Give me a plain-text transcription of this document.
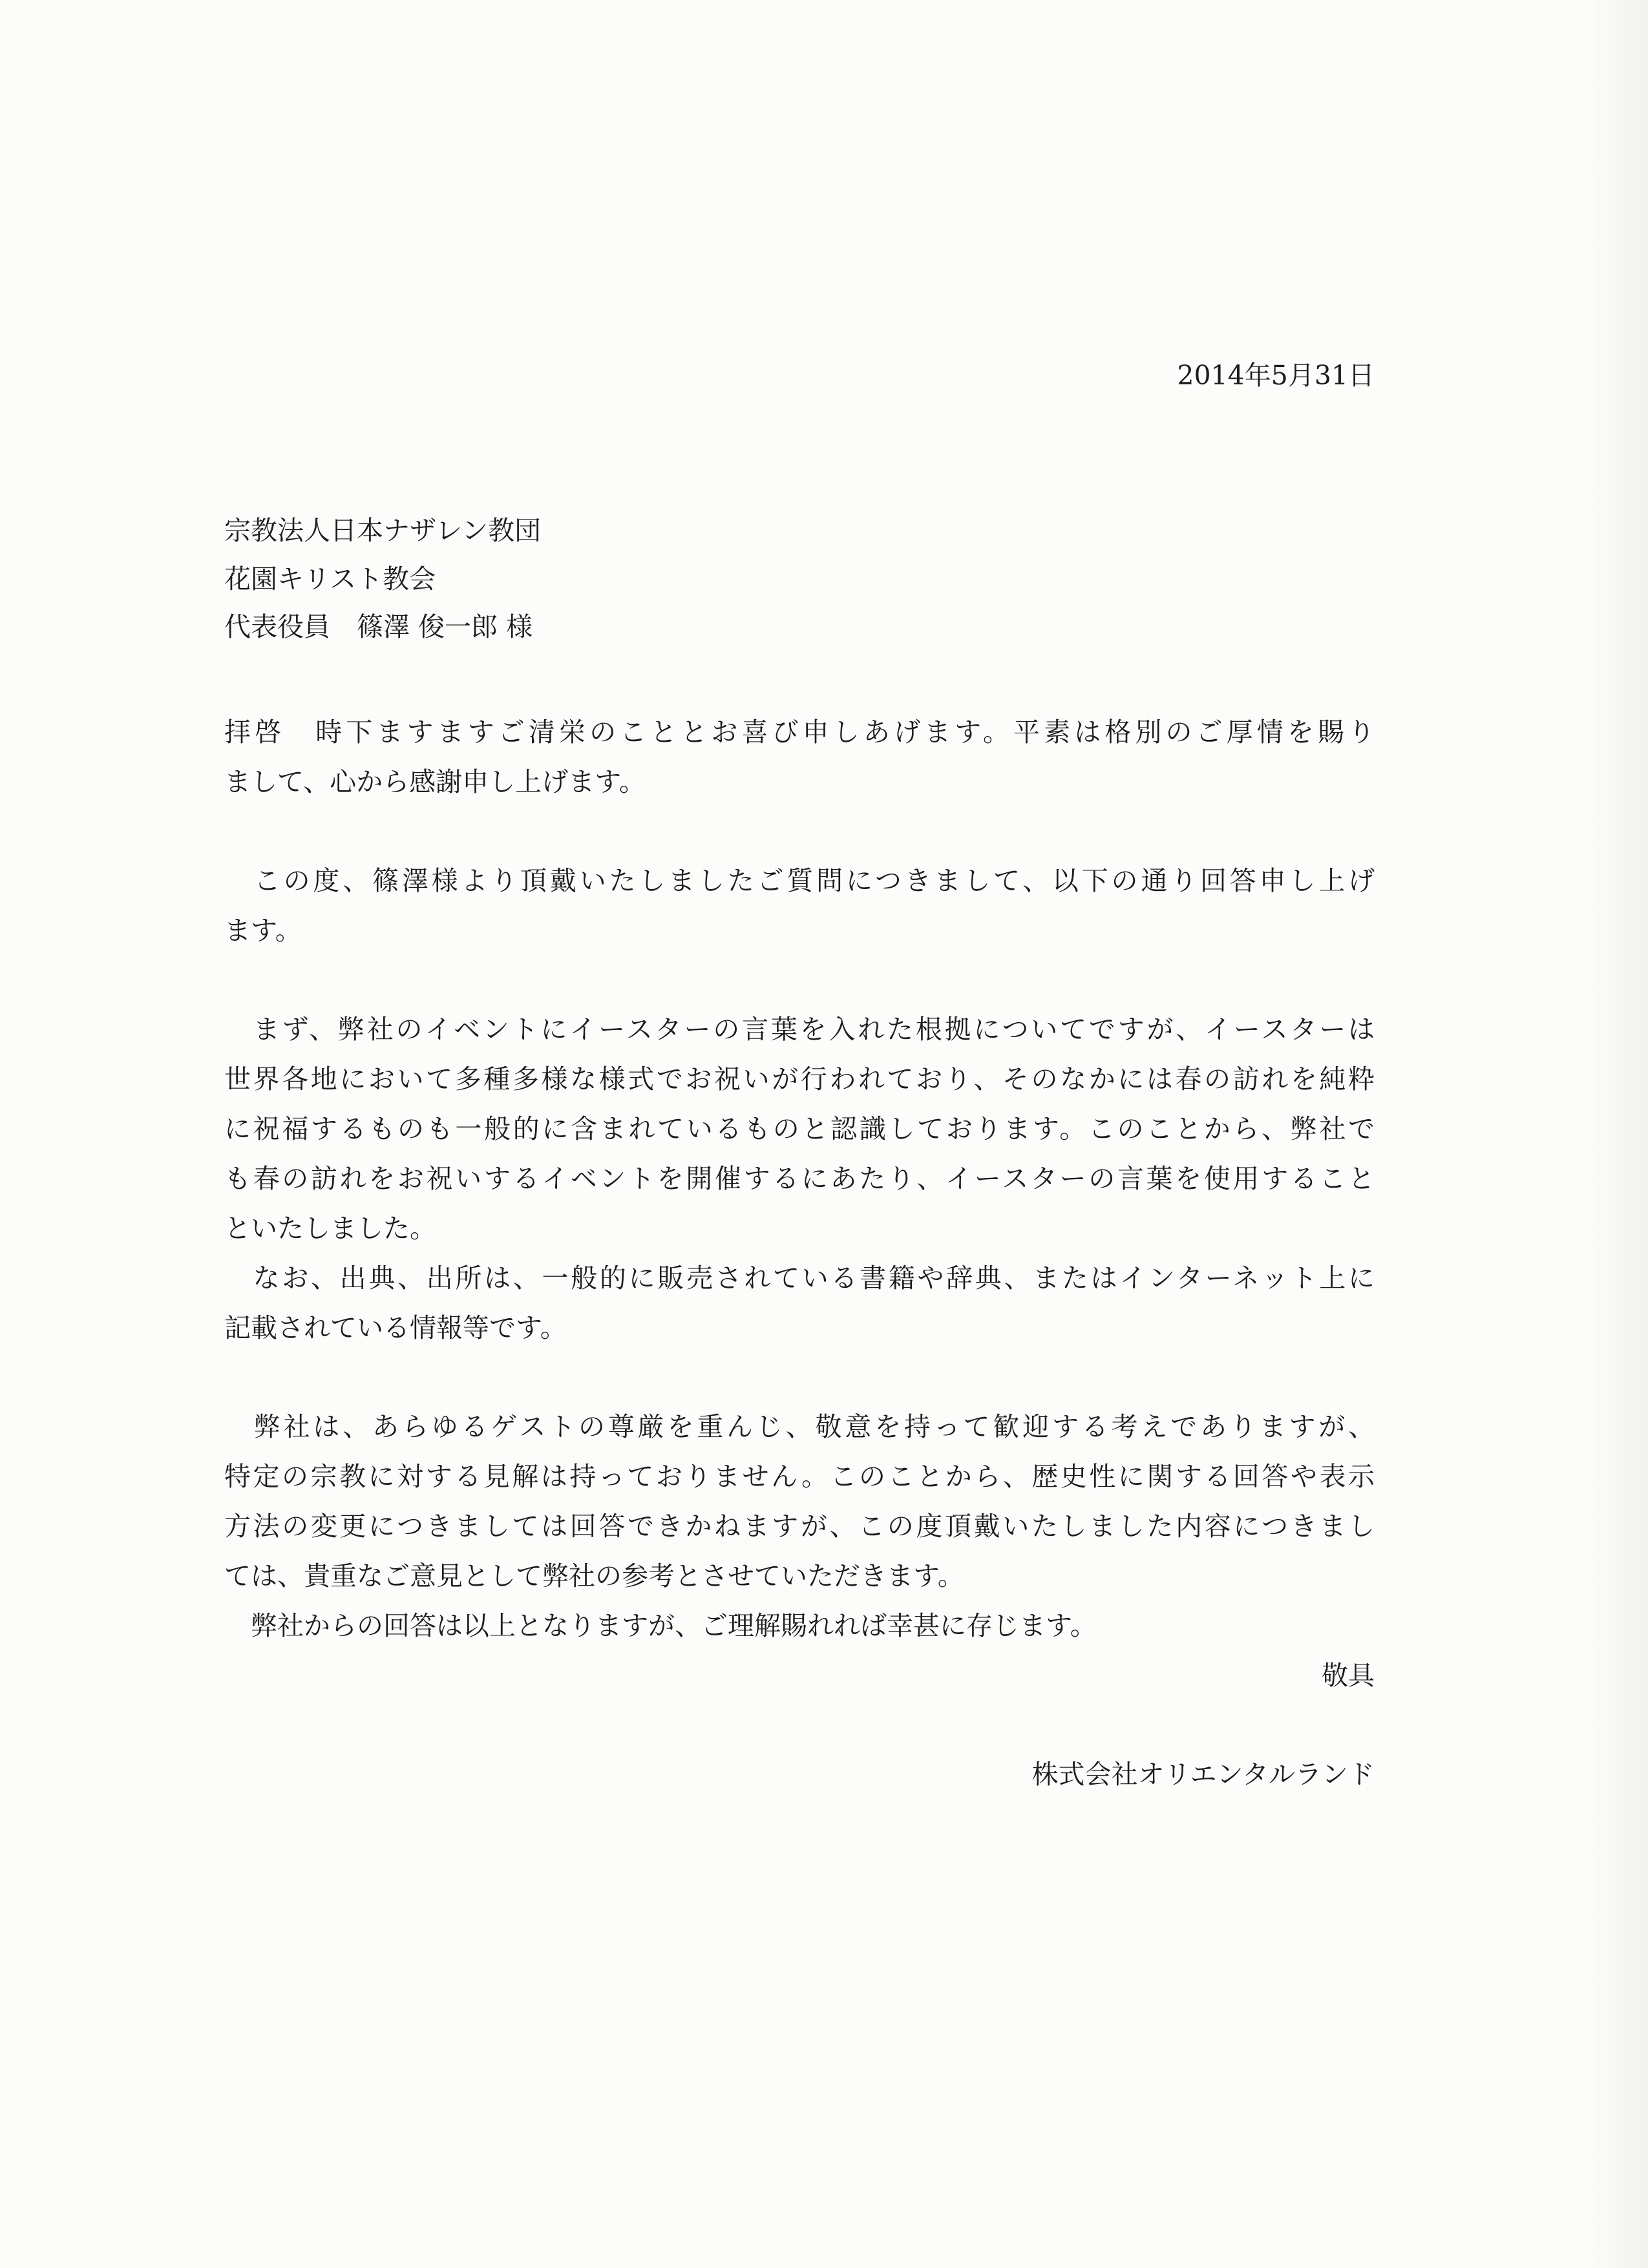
2014年5月31日
宗教法人日本ナザレン教団
花園キリスト教会
代表役員　篠澤 俊一郎 様
拝啓　時下ますますご清栄のこととお喜び申しあげます。平素は格別のご厚情を賜り
まして、心から感謝申し上げます。
　この度、篠澤様より頂戴いたしましたご質問につきまして、以下の通り回答申し上げ
ます。
　まず、弊社のイベントにイースターの言葉を入れた根拠についてですが、イースターは
世界各地において多種多様な様式でお祝いが行われており、そのなかには春の訪れを純粋
に祝福するものも一般的に含まれているものと認識しております。このことから、弊社で
も春の訪れをお祝いするイベントを開催するにあたり、イースターの言葉を使用すること
といたしました。
　なお、出典、出所は、一般的に販売されている書籍や辞典、またはインターネット上に
記載されている情報等です。
　弊社は、あらゆるゲストの尊厳を重んじ、敬意を持って歓迎する考えでありますが、
特定の宗教に対する見解は持っておりません。このことから、歴史性に関する回答や表示
方法の変更につきましては回答できかねますが、この度頂戴いたしました内容につきまし
ては、貴重なご意見として弊社の参考とさせていただきます。
　弊社からの回答は以上となりますが、ご理解賜れれば幸甚に存じます。
敬具
株式会社オリエンタルランド
